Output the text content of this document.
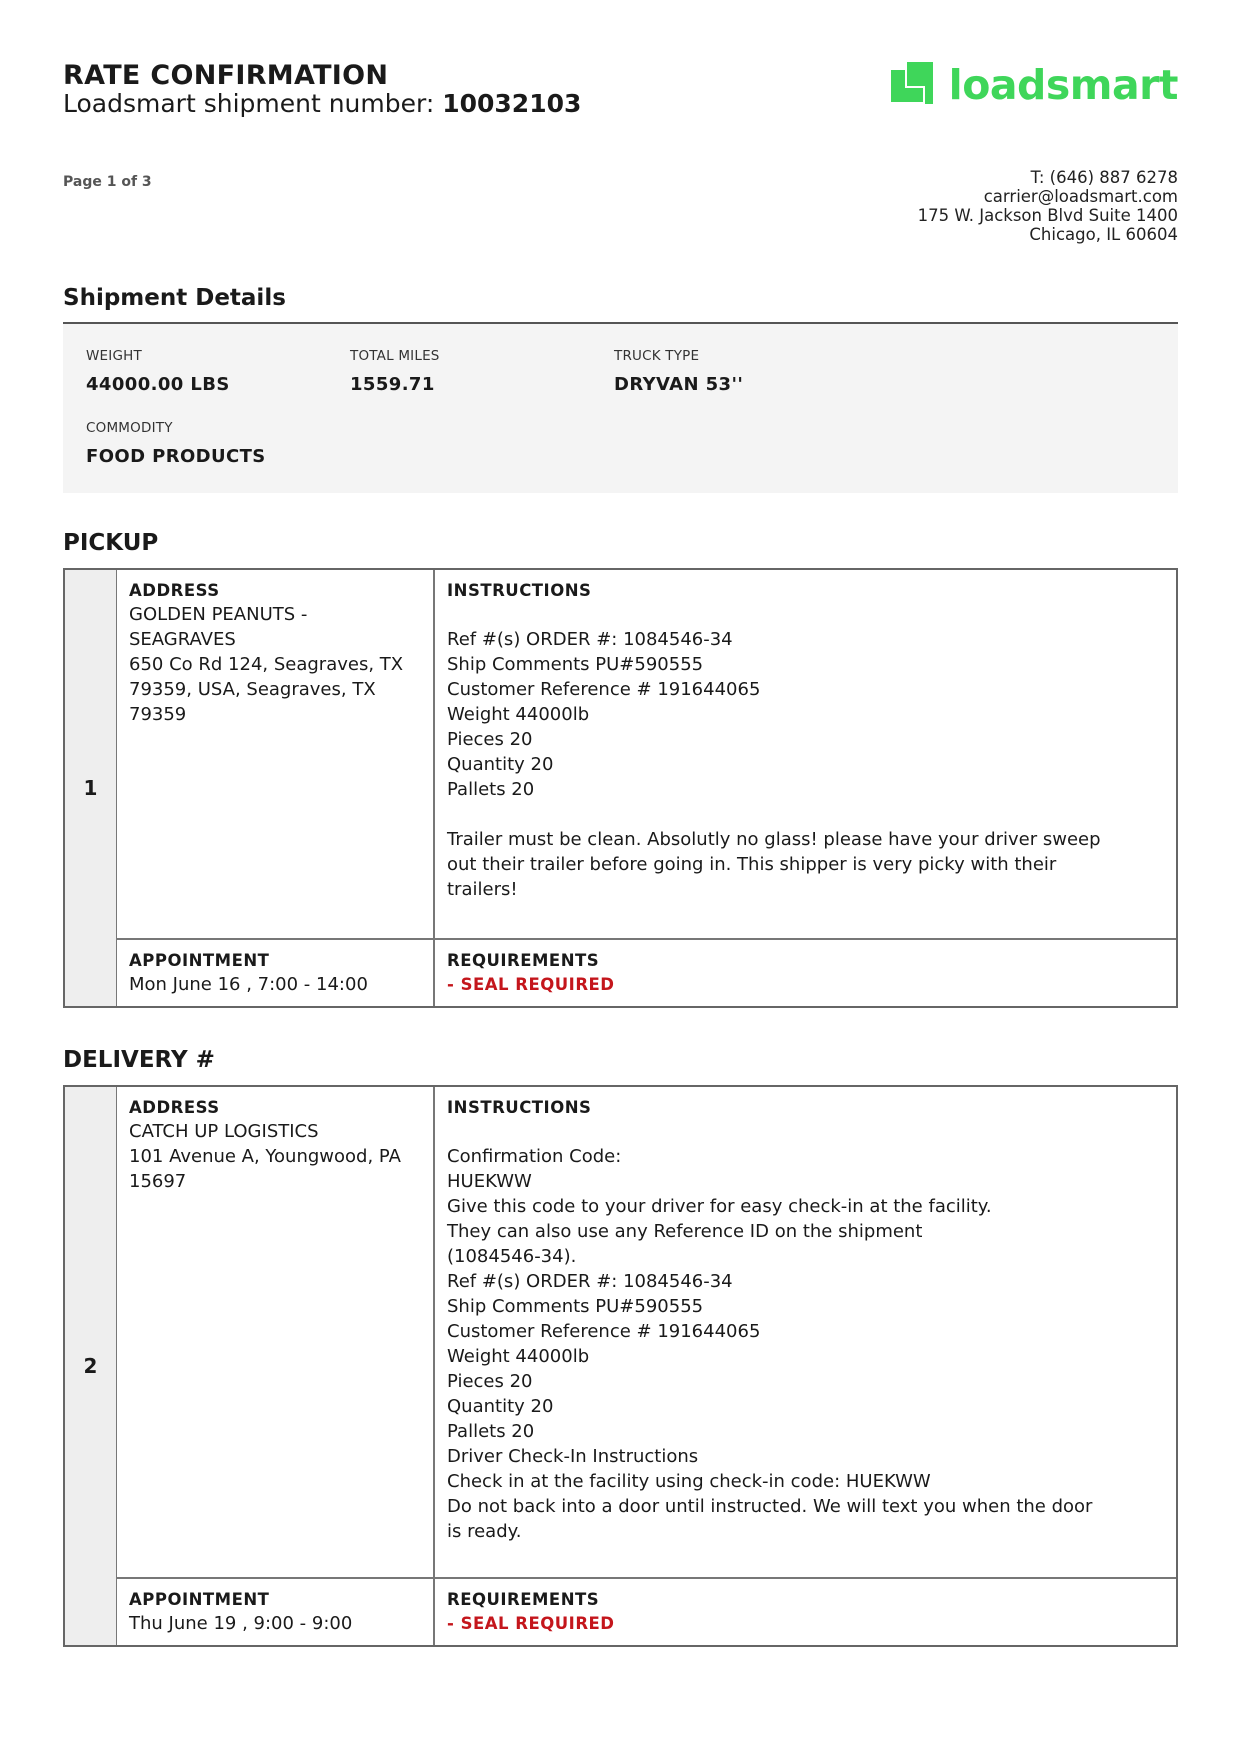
RATE CONFIRMATION
Loadsmart shipment number: 10032103	loadsmart
Page 1 of 3	T: (646) 887 6278
carrier@loadsmart.com
175 W. Jackson Blvd Suite 1400
Chicago, IL 60604
Shipment Details
WEIGHT
44000.00 LBS
TOTAL MILES
1559.71
TRUCK TYPE
DRYVAN 53''
COMMODITY
FOOD PRODUCTS
PICKUP
1
ADDRESS
GOLDEN PEANUTS -
SEAGRAVES
650 Co Rd 124, Seagraves, TX
79359, USA, Seagraves, TX
79359
INSTRUCTIONS

Ref #(s) ORDER #: 1084546-34
Ship Comments PU#590555
Customer Reference # 191644065
Weight 44000lb
Pieces 20
Quantity 20
Pallets 20

Trailer must be clean. Absolutly no glass! please have your driver sweep
out their trailer before going in. This shipper is very picky with their
trailers!
APPOINTMENT
Mon June 16 , 7:00 - 14:00
REQUIREMENTS
- SEAL REQUIRED
DELIVERY #
2
ADDRESS
CATCH UP LOGISTICS
101 Avenue A, Youngwood, PA
15697
INSTRUCTIONS

Confirmation Code:
HUEKWW
Give this code to your driver for easy check-in at the facility.
They can also use any Reference ID on the shipment
(1084546-34).
Ref #(s) ORDER #: 1084546-34
Ship Comments PU#590555
Customer Reference # 191644065
Weight 44000lb
Pieces 20
Quantity 20
Pallets 20
Driver Check-In Instructions
Check in at the facility using check-in code: HUEKWW
Do not back into a door until instructed. We will text you when the door
is ready.
APPOINTMENT
Thu June 19 , 9:00 - 9:00
REQUIREMENTS
- SEAL REQUIRED
